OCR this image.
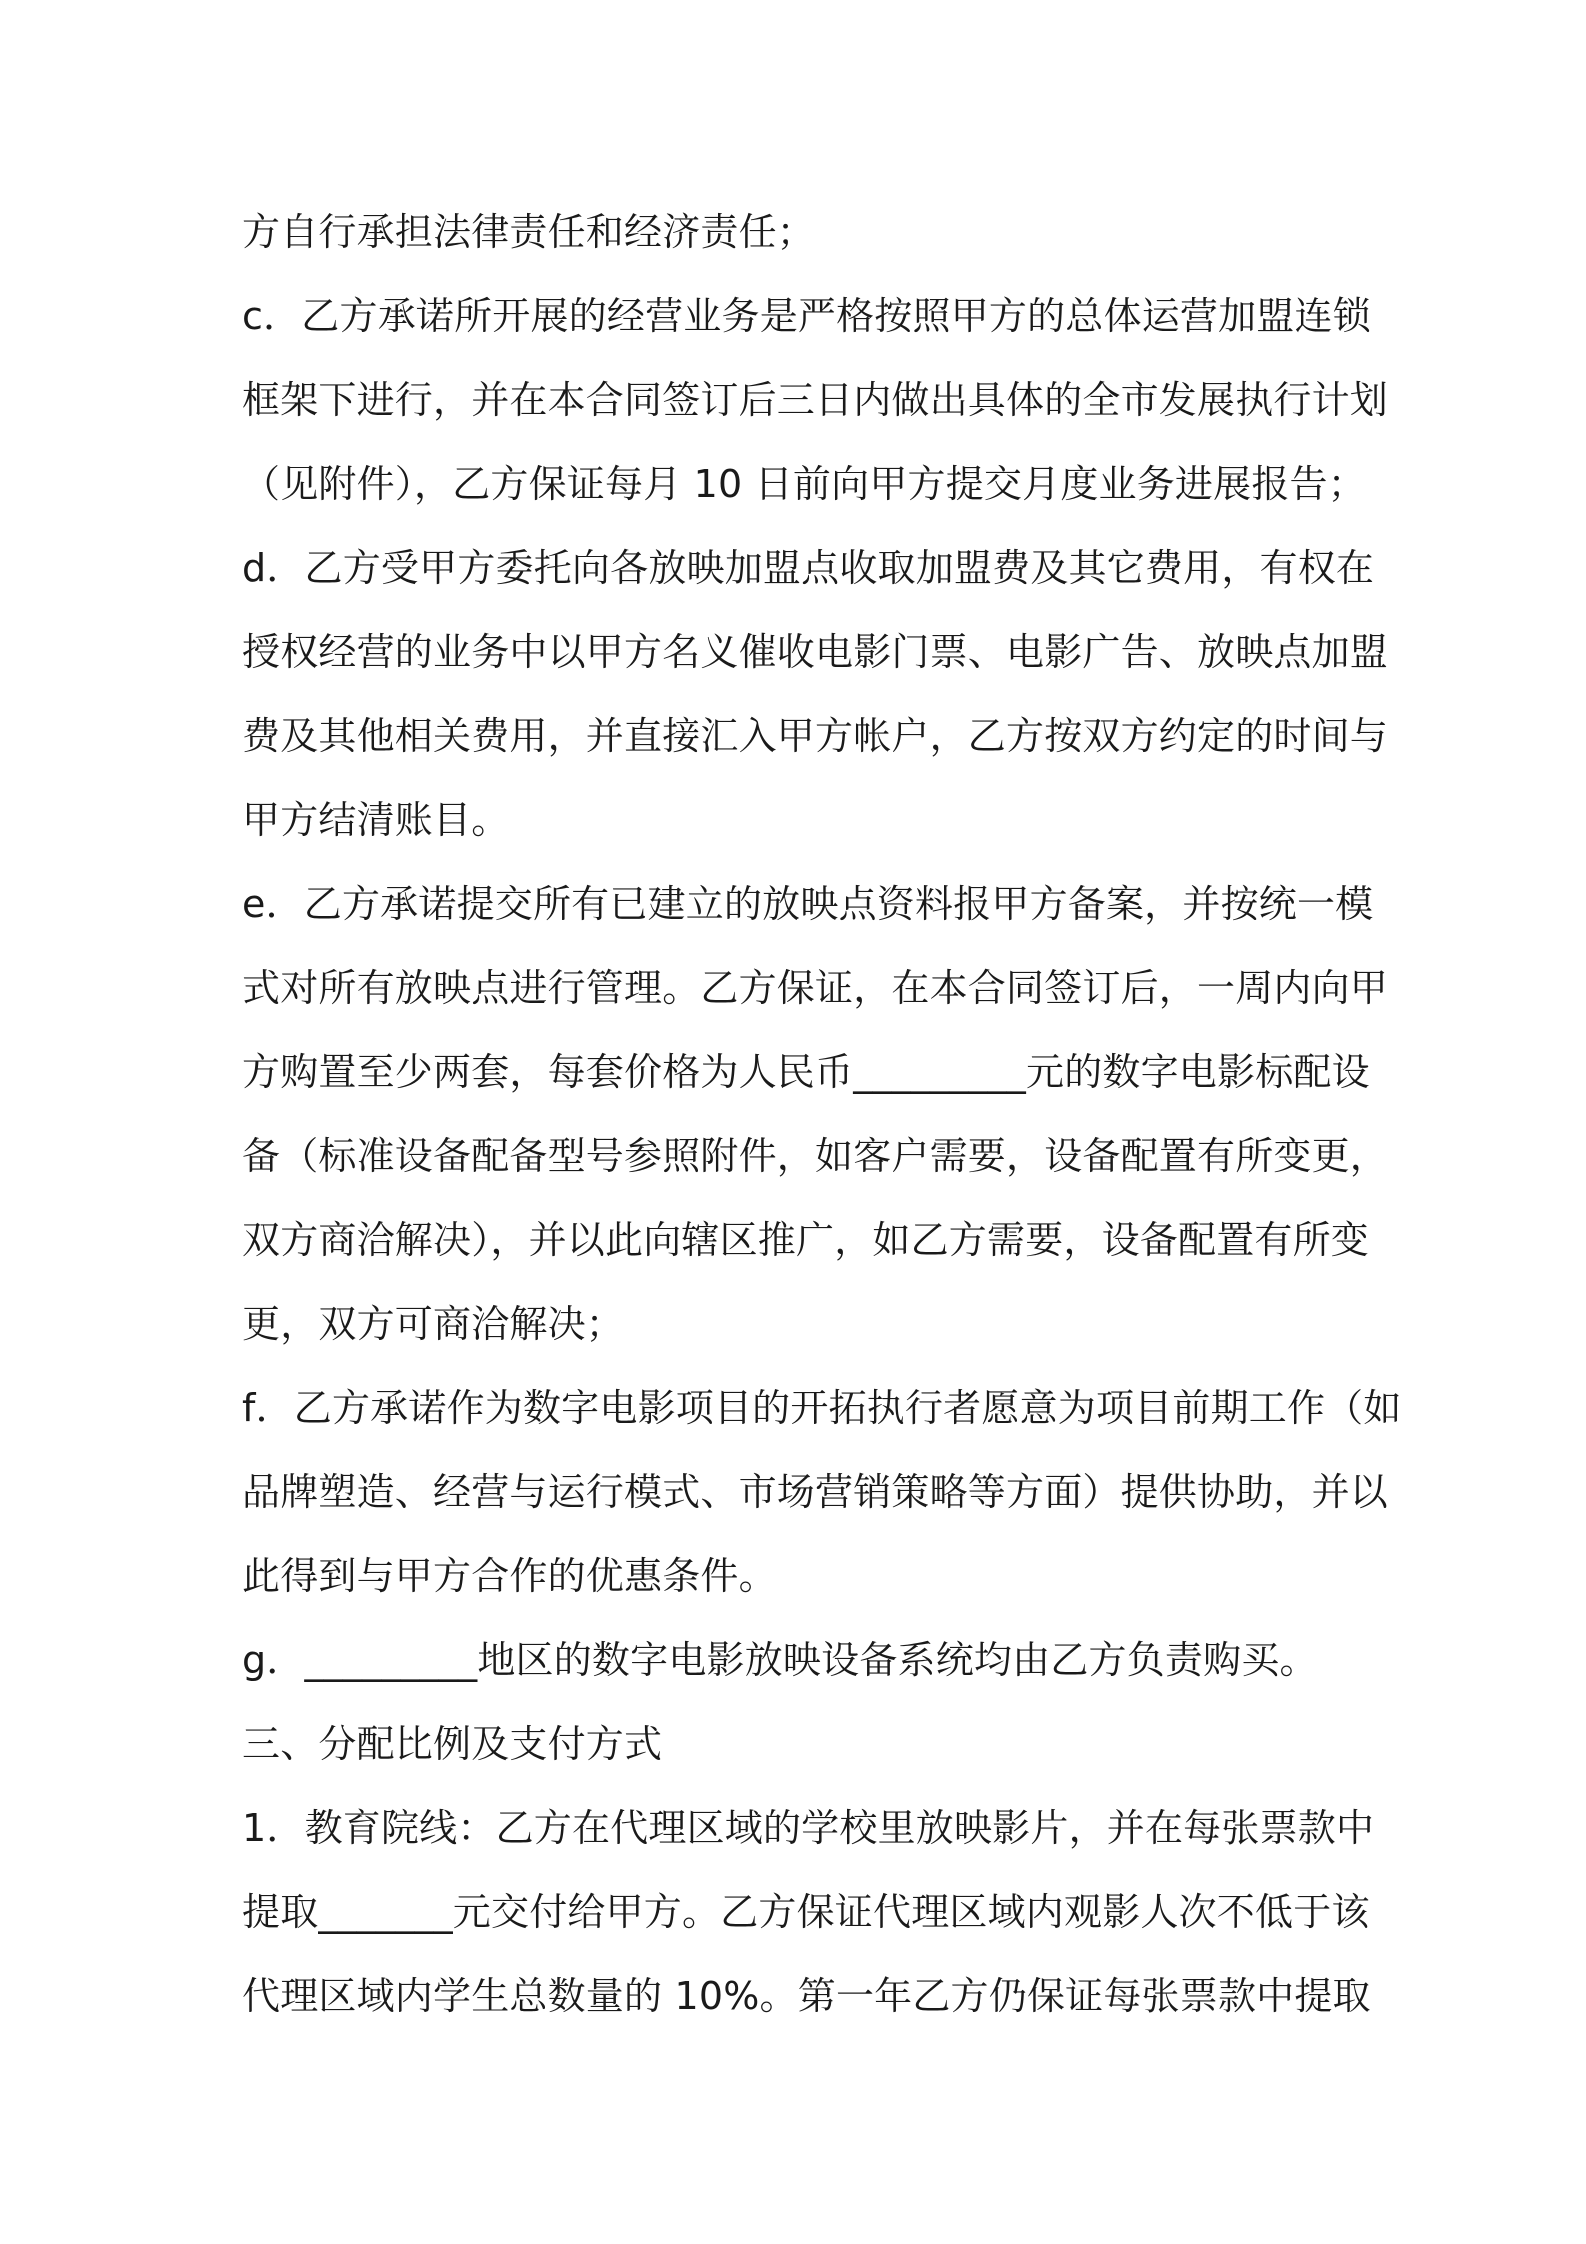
方自行承担法律责任和经济责任；
c．乙方承诺所开展的经营业务是严格按照甲方的总体运营加盟连锁
框架下进行，并在本合同签订后三日内做出具体的全市发展执行计划
（见附件），乙方保证每月 10 日前向甲方提交月度业务进展报告；
d．乙方受甲方委托向各放映加盟点收取加盟费及其它费用，有权在
授权经营的业务中以甲方名义催收电影门票、电影广告、放映点加盟
费及其他相关费用，并直接汇入甲方帐户，乙方按双方约定的时间与
甲方结清账目。
e．乙方承诺提交所有已建立的放映点资料报甲方备案，并按统一模
式对所有放映点进行管理。乙方保证，在本合同签订后，一周内向甲
方购置至少两套，每套价格为人民币_________元的数字电影标配设
备（标准设备配备型号参照附件，如客户需要，设备配置有所变更，
双方商洽解决），并以此向辖区推广，如乙方需要，设备配置有所变
更，双方可商洽解决；
f．乙方承诺作为数字电影项目的开拓执行者愿意为项目前期工作（如
品牌塑造、经营与运行模式、市场营销策略等方面）提供协助，并以
此得到与甲方合作的优惠条件。
g．_________地区的数字电影放映设备系统均由乙方负责购买。
三、分配比例及支付方式
1．教育院线：乙方在代理区域的学校里放映影片，并在每张票款中
提取_______元交付给甲方。乙方保证代理区域内观影人次不低于该
代理区域内学生总数量的 10%。第一年乙方仍保证每张票款中提取
